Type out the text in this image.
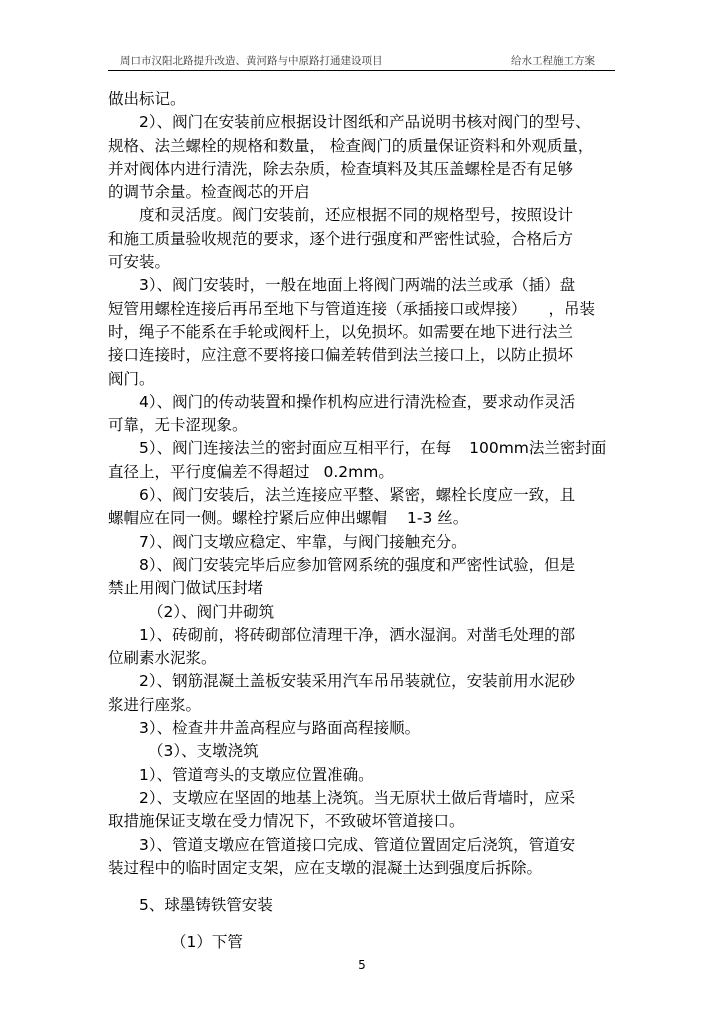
周口市汉阳北路提升改造、黄河路与中原路打通建设项目	给水工程施工方案
做出标记。
2）、阀门在安装前应根据设计图纸和产品说明书核对阀门的型号、
规格、法兰螺栓的规格和数量， 检查阀门的质量保证资料和外观质量，
并对阀体内进行清洗，除去杂质，检查填料及其压盖螺栓是否有足够
的调节余量。检查阀芯的开启
度和灵活度。阀门安装前，还应根据不同的规格型号，按照设计
和施工质量验收规范的要求，逐个进行强度和严密性试验，合格后方
可安装。
3）、阀门安装时，一般在地面上将阀门两端的法兰或承（插）盘
短管用螺栓连接后再吊至地下与管道连接（承插接口或焊接） ，吊装
时，绳子不能系在手轮或阀杆上，以免损坏。如需要在地下进行法兰
接口连接时，应注意不要将接口偏差转借到法兰接口上，以防止损坏
阀门。
4）、阀门的传动装置和操作机构应进行清洗检查，要求动作灵活
可靠，无卡涩现象。
5）、阀门连接法兰的密封面应互相平行，在每 100mm法兰密封面
直径上，平行度偏差不得超过 0.2mm。
6）、阀门安装后，法兰连接应平整、紧密，螺栓长度应一致，且
螺帽应在同一侧。螺栓拧紧后应伸出螺帽 1-3 丝。
7）、阀门支墩应稳定、牢靠，与阀门接触充分。
8）、阀门安装完毕后应参加管网系统的强度和严密性试验，但是
禁止用阀门做试压封堵
（2）、阀门井砌筑
1）、砖砌前，将砖砌部位清理干净，洒水湿润。对凿毛处理的部
位刷素水泥浆。
2）、钢筋混凝土盖板安装采用汽车吊吊装就位，安装前用水泥砂
浆进行座浆。
3）、检查井井盖高程应与路面高程接顺。
（3）、支墩浇筑
1）、管道弯头的支墩应位置准确。
2）、支墩应在坚固的地基上浇筑。当无原状土做后背墙时，应采
取措施保证支墩在受力情况下，不致破坏管道接口。
3）、管道支墩应在管道接口完成、管道位置固定后浇筑，管道安
装过程中的临时固定支架，应在支墩的混凝土达到强度后拆除。
5、球墨铸铁管安装
（1）下管
5
